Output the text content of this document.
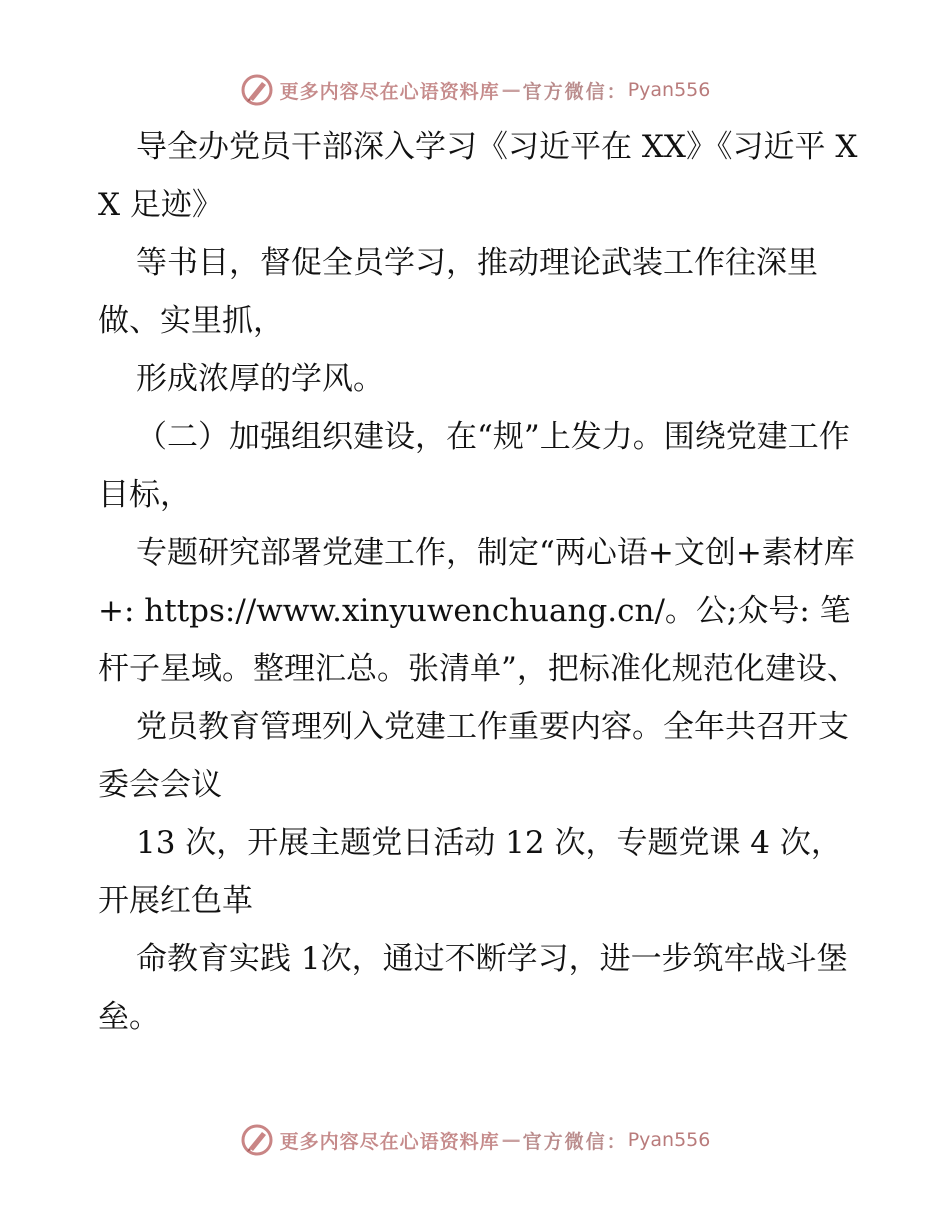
更多内容尽在心语资料库 — 官方微信： Pyan556

导全办党员干部深入学习《习近平在 XX》《习近平 XX 足迹》

等书目，督促全员学习，推动理论武装工作往深里做、实里抓，

形成浓厚的学风。

（二）加强组织建设，在“规”上发力。围绕党建工作目标，

专题研究部署党建工作，制定“两心语+文创+素材库+: https://www.xinyuwenchuang.cn/。公;众号: 笔杆子星域。整理汇总。张清单”，把标准化规范化建设、

党员教育管理列入党建工作重要内容。全年共召开支委会会议

13 次，开展主题党日活动 12 次，专题党课 4 次，开展红色革

命教育实践 1次，通过不断学习，进一步筑牢战斗堡垒。

更多内容尽在心语资料库 — 官方微信： Pyan556
